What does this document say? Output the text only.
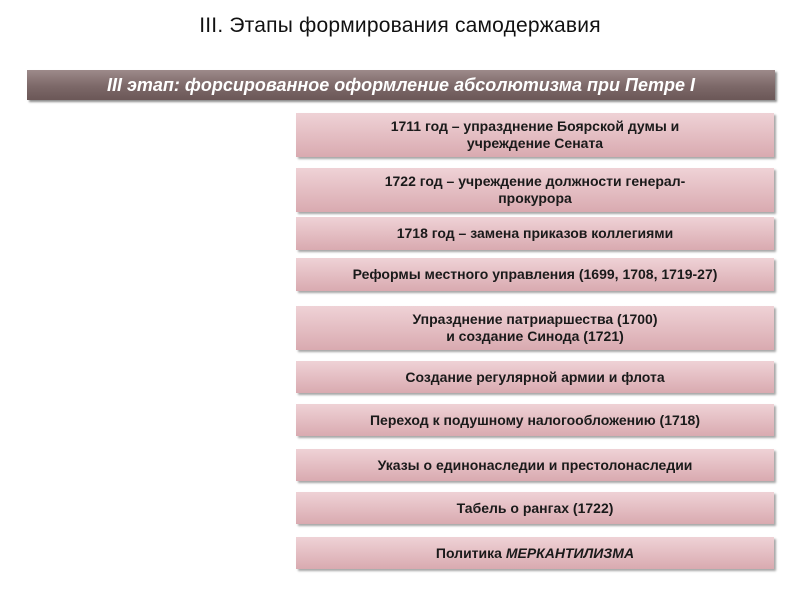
III. Этапы формирования самодержавия
III этап: форсированное оформление абсолютизма при Петре I
1711 год – упразднение Боярской думы и
учреждение Сената
1722 год – учреждение должности генерал-
прокурора
1718 год – замена приказов коллегиями
Реформы местного управления (1699, 1708, 1719-27)
Упразднение патриаршества (1700)
и создание Синода (1721)
Создание регулярной армии и флота
Переход к подушному налогообложению (1718)
Указы о единонаследии и престолонаследии
Табель о рангах (1722)
Политика МЕРКАНТИЛИЗМА
